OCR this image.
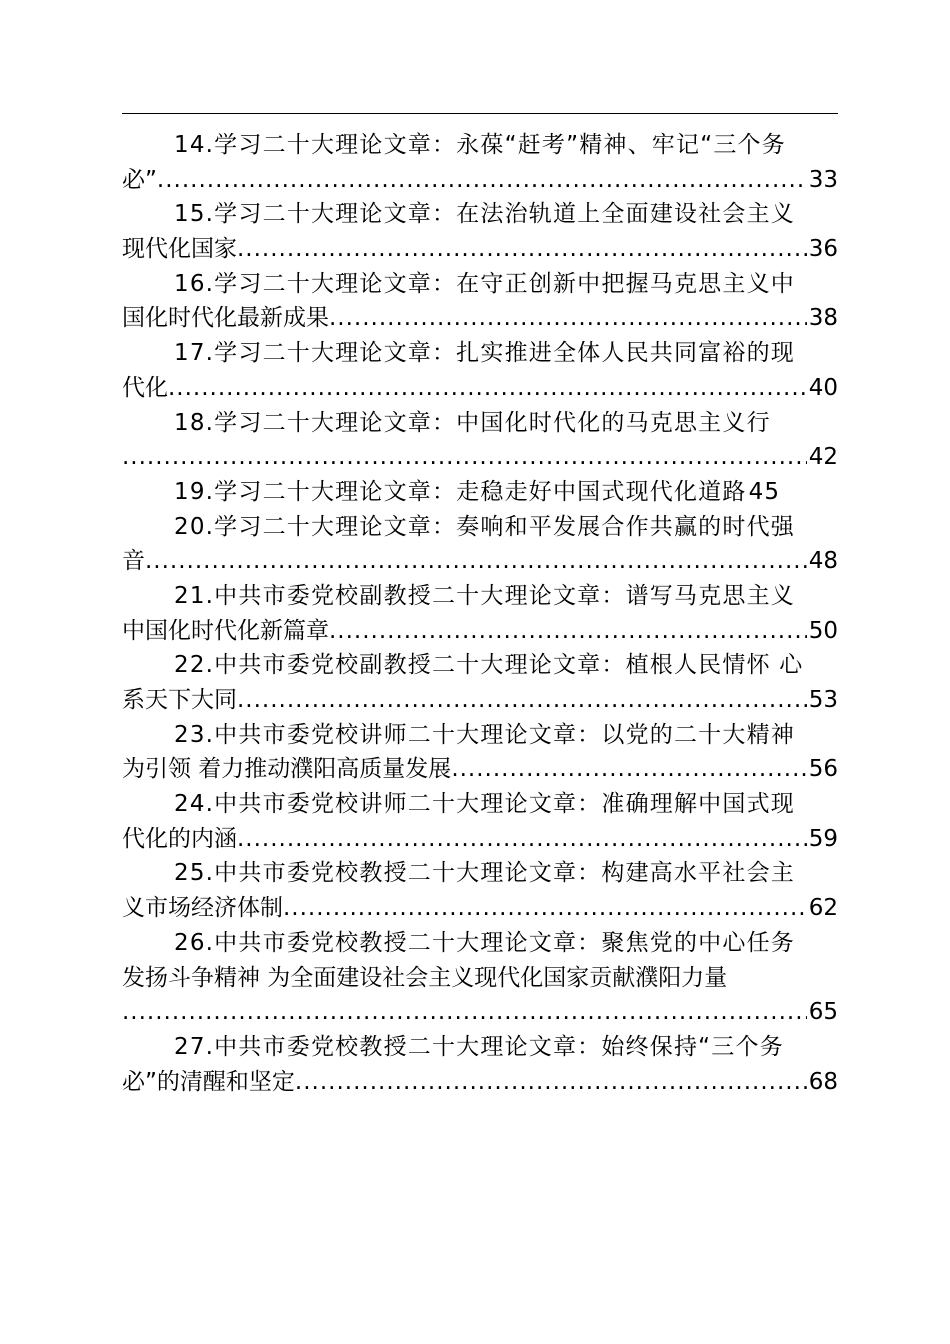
14.学习二十大理论文章：永葆“赶考”精神、牢记“三个务
必” .....	33
15.学习二十大理论文章：在法治轨道上全面建设社会主义
现代化国家 .....	36
16.学习二十大理论文章：在守正创新中把握马克思主义中
国化时代化最新成果 .....	38
17.学习二十大理论文章：扎实推进全体人民共同富裕的现
代化 .....	40
18.学习二十大理论文章：中国化时代化的马克思主义行
.....
42
19.学习二十大理论文章：走稳走好中国式现代化道路 45
20.学习二十大理论文章：奏响和平发展合作共赢的时代强
音 .....	48
21.中共市委党校副教授二十大理论文章：谱写马克思主义
中国化时代化新篇章 .....	50
22.中共市委党校副教授二十大理论文章：植根人民情怀 心
系天下大同 .....	53
23.中共市委党校讲师二十大理论文章：以党的二十大精神
为引领 着力推动濮阳高质量发展 .....	56
24.中共市委党校讲师二十大理论文章：准确理解中国式现
代化的内涵 .....	59
25.中共市委党校教授二十大理论文章：构建高水平社会主
义市场经济体制 .....	62
26.中共市委党校教授二十大理论文章：聚焦党的中心任务
发扬斗争精神 为全面建设社会主义现代化国家贡献濮阳力量
.....
65
27.中共市委党校教授二十大理论文章：始终保持“三个务
必”的清醒和坚定 .....	68
